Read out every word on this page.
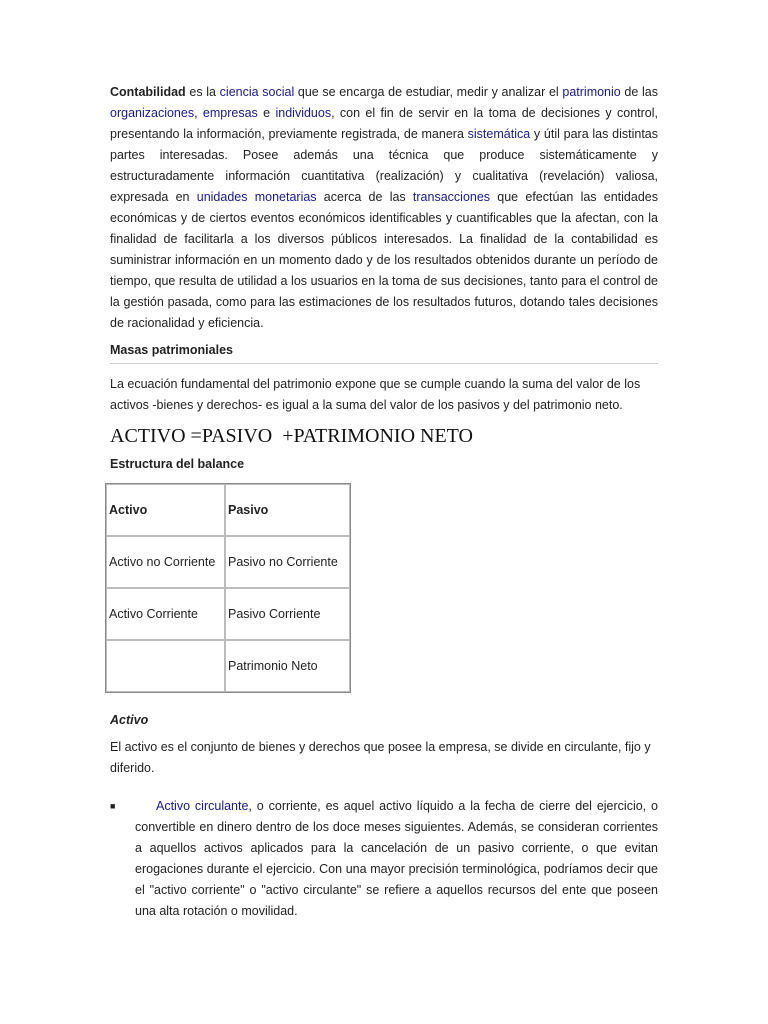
Contabilidad es la ciencia social que se encarga de estudiar, medir y analizar el patrimonio de las organizaciones, empresas e individuos, con el fin de servir en la toma de decisiones y control, presentando la información, previamente registrada, de manera sistemática y útil para las distintas partes interesadas. Posee además una técnica que produce sistemáticamente y estructuradamente información cuantitativa (realización) y cualitativa (revelación) valiosa, expresada en unidades monetarias acerca de las transacciones que efectúan las entidades económicas y de ciertos eventos económicos identificables y cuantificables que la afectan, con la finalidad de facilitarla a los diversos públicos interesados. La finalidad de la contabilidad es suministrar información en un momento dado y de los resultados obtenidos durante un período de tiempo, que resulta de utilidad a los usuarios en la toma de sus decisiones, tanto para el control de la gestión pasada, como para las estimaciones de los resultados futuros, dotando tales decisiones de racionalidad y eficiencia.

Masas patrimoniales

La ecuación fundamental del patrimonio expone que se cumple cuando la suma del valor de los activos -bienes y derechos- es igual a la suma del valor de los pasivos y del patrimonio neto.

ACTIVO =PASIVO +PATRIMONIO NETO
Estructura del balance
Activo	Pasivo
Activo no Corriente	Pasivo no Corriente
Activo Corriente	Pasivo Corriente
	Patrimonio Neto
Activo

El activo es el conjunto de bienes y derechos que posee la empresa, se divide en circulante, fijo y diferido.

■	Activo circulante, o corriente, es aquel activo líquido a la fecha de cierre del ejercicio, o convertible en dinero dentro de los doce meses siguientes. Además, se consideran corrientes a aquellos activos aplicados para la cancelación de un pasivo corriente, o que evitan erogaciones durante el ejercicio. Con una mayor precisión terminológica, podríamos decir que el "activo corriente" o "activo circulante" se refiere a aquellos recursos del ente que poseen una alta rotación o movilidad.
